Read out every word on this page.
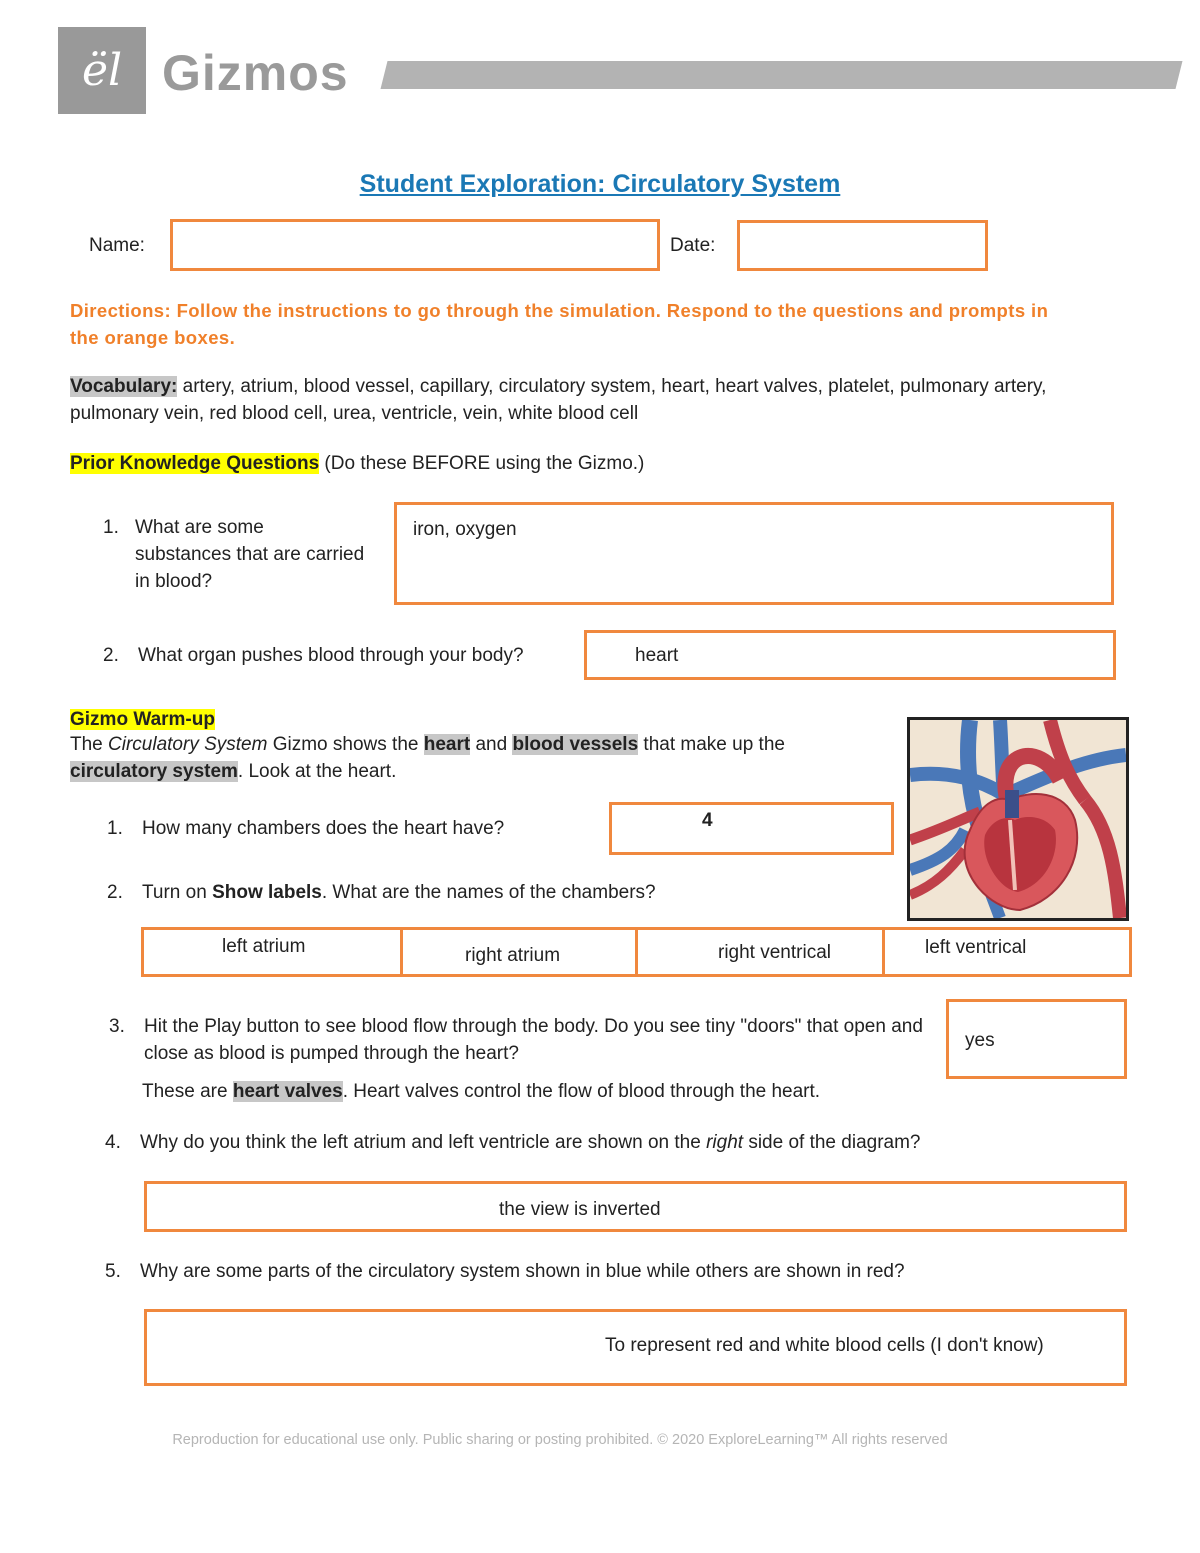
ël Gizmos
Student Exploration: Circulatory System
Name:	Date:
Directions: Follow the instructions to go through the simulation. Respond to the questions and prompts in the orange boxes.
Vocabulary: artery, atrium, blood vessel, capillary, circulatory system, heart, heart valves, platelet, pulmonary artery, pulmonary vein, red blood cell, urea, ventricle, vein, white blood cell
Prior Knowledge Questions (Do these BEFORE using the Gizmo.)
1. What are some substances that are carried in blood?
iron, oxygen
2. What organ pushes blood through your body?	heart
Gizmo Warm-up
The Circulatory System Gizmo shows the heart and blood vessels that make up the circulatory system. Look at the heart.
1. How many chambers does the heart have?	4
2. Turn on Show labels. What are the names of the chambers?
left atrium	right atrium	right ventrical	left ventrical
3. Hit the Play button to see blood flow through the body. Do you see tiny "doors" that open and close as blood is pumped through the heart?
yes
These are heart valves. Heart valves control the flow of blood through the heart.
4. Why do you think the left atrium and left ventricle are shown on the right side of the diagram?
the view is inverted
5. Why are some parts of the circulatory system shown in blue while others are shown in red?
To represent red and white blood cells (I don't know)
Reproduction for educational use only. Public sharing or posting prohibited. © 2020 ExploreLearning™ All rights reserved
